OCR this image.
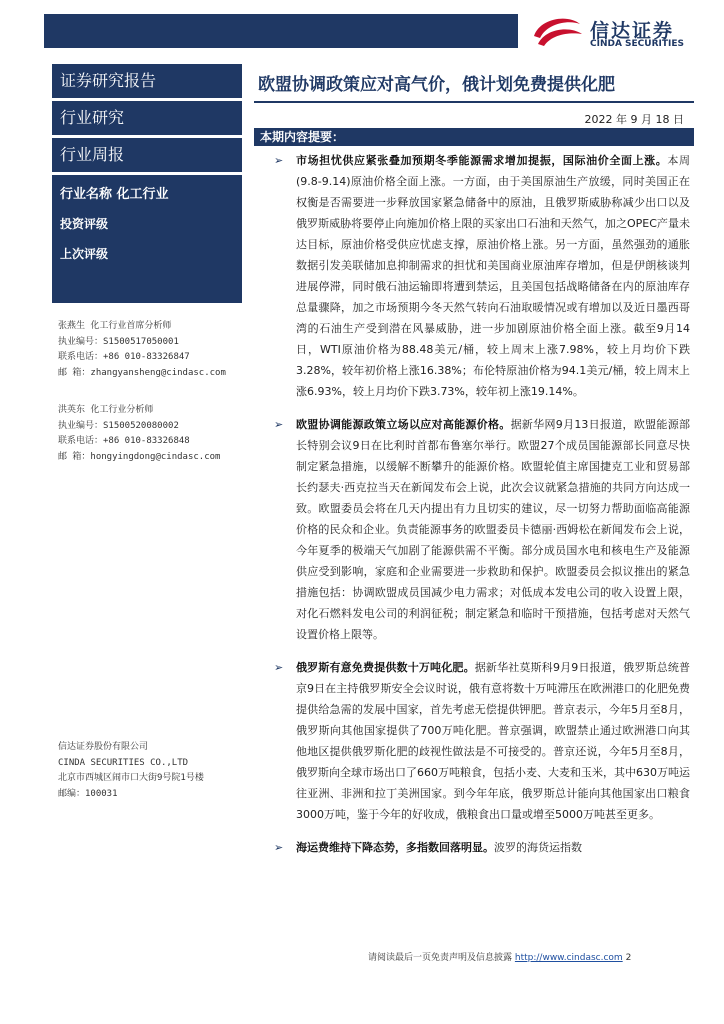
信达证券
CINDA SECURITIES
证券研究报告
行业研究
行业周报
行业名称 化工行业
投资评级
上次评级
张燕生 化工行业首席分析师
执业编号：S1500517050001
联系电话：+86 010-83326847
邮 箱：zhangyansheng@cindasc.com
洪英东 化工行业分析师
执业编号：S1500520080002
联系电话：+86 010-83326848
邮 箱：hongyingdong@cindasc.com
信达证券股份有限公司
CINDA SECURITIES CO.,LTD
北京市西城区闹市口大街9号院1号楼
邮编：100031
欧盟协调政策应对高气价，俄计划免费提供化肥
2022 年 9 月 18 日
本期内容提要：
➢ 市场担忧供应紧张叠加预期冬季能源需求增加提振，国际油价全面上涨。本周(9.8-9.14)原油价格全面上涨。一方面，由于美国原油生产放缓，同时美国正在权衡是否需要进一步释放国家紧急储备中的原油，且俄罗斯威胁称减少出口以及俄罗斯威胁将要停止向施加价格上限的买家出口石油和天然气，加之OPEC产量未达目标，原油价格受供应忧虑支撑，原油价格上涨。另一方面，虽然强劲的通胀数据引发美联储加息抑制需求的担忧和美国商业原油库存增加，但是伊朗核谈判进展停滞，同时俄石油运输即将遭到禁运，且美国包括战略储备在内的原油库存总量骤降，加之市场预期今冬天然气转向石油取暖情况或有增加以及近日墨西哥湾的石油生产受到潜在风暴威胁，进一步加剧原油价格全面上涨。截至9月14日，WTI原油价格为88.48美元/桶，较上周末上涨7.98%，较上月均价下跌3.28%，较年初价格上涨16.38%；布伦特原油价格为94.1美元/桶，较上周末上涨6.93%，较上月均价下跌3.73%，较年初上涨19.14%。
➢ 欧盟协调能源政策立场以应对高能源价格。据新华网9月13日报道，欧盟能源部长特别会议9日在比利时首都布鲁塞尔举行。欧盟27个成员国能源部长同意尽快制定紧急措施，以缓解不断攀升的能源价格。欧盟轮值主席国捷克工业和贸易部长约瑟夫·西克拉当天在新闻发布会上说，此次会议就紧急措施的共同方向达成一致。欧盟委员会将在几天内提出有力且切实的建议，尽一切努力帮助面临高能源价格的民众和企业。负责能源事务的欧盟委员卡德丽·西姆松在新闻发布会上说，今年夏季的极端天气加剧了能源供需不平衡。部分成员国水电和核电生产及能源供应受到影响，家庭和企业需要进一步救助和保护。欧盟委员会拟议推出的紧急措施包括：协调欧盟成员国减少电力需求；对低成本发电公司的收入设置上限，对化石燃料发电公司的利润征税；制定紧急和临时干预措施，包括考虑对天然气设置价格上限等。
➢ 俄罗斯有意免费提供数十万吨化肥。据新华社莫斯科9月9日报道，俄罗斯总统普京9日在主持俄罗斯安全会议时说，俄有意将数十万吨滞压在欧洲港口的化肥免费提供给急需的发展中国家，首先考虑无偿提供钾肥。普京表示，今年5月至8月，俄罗斯向其他国家提供了700万吨化肥。普京强调，欧盟禁止通过欧洲港口向其他地区提供俄罗斯化肥的歧视性做法是不可接受的。普京还说，今年5月至8月，俄罗斯向全球市场出口了660万吨粮食，包括小麦、大麦和玉米，其中630万吨运往亚洲、非洲和拉丁美洲国家。到今年年底，俄罗斯总计能向其他国家出口粮食3000万吨，鉴于今年的好收成，俄粮食出口量或增至5000万吨甚至更多。
➢ 海运费维持下降态势，多指数回落明显。波罗的海货运指数
请阅读最后一页免责声明及信息披露 http://www.cindasc.com 2
